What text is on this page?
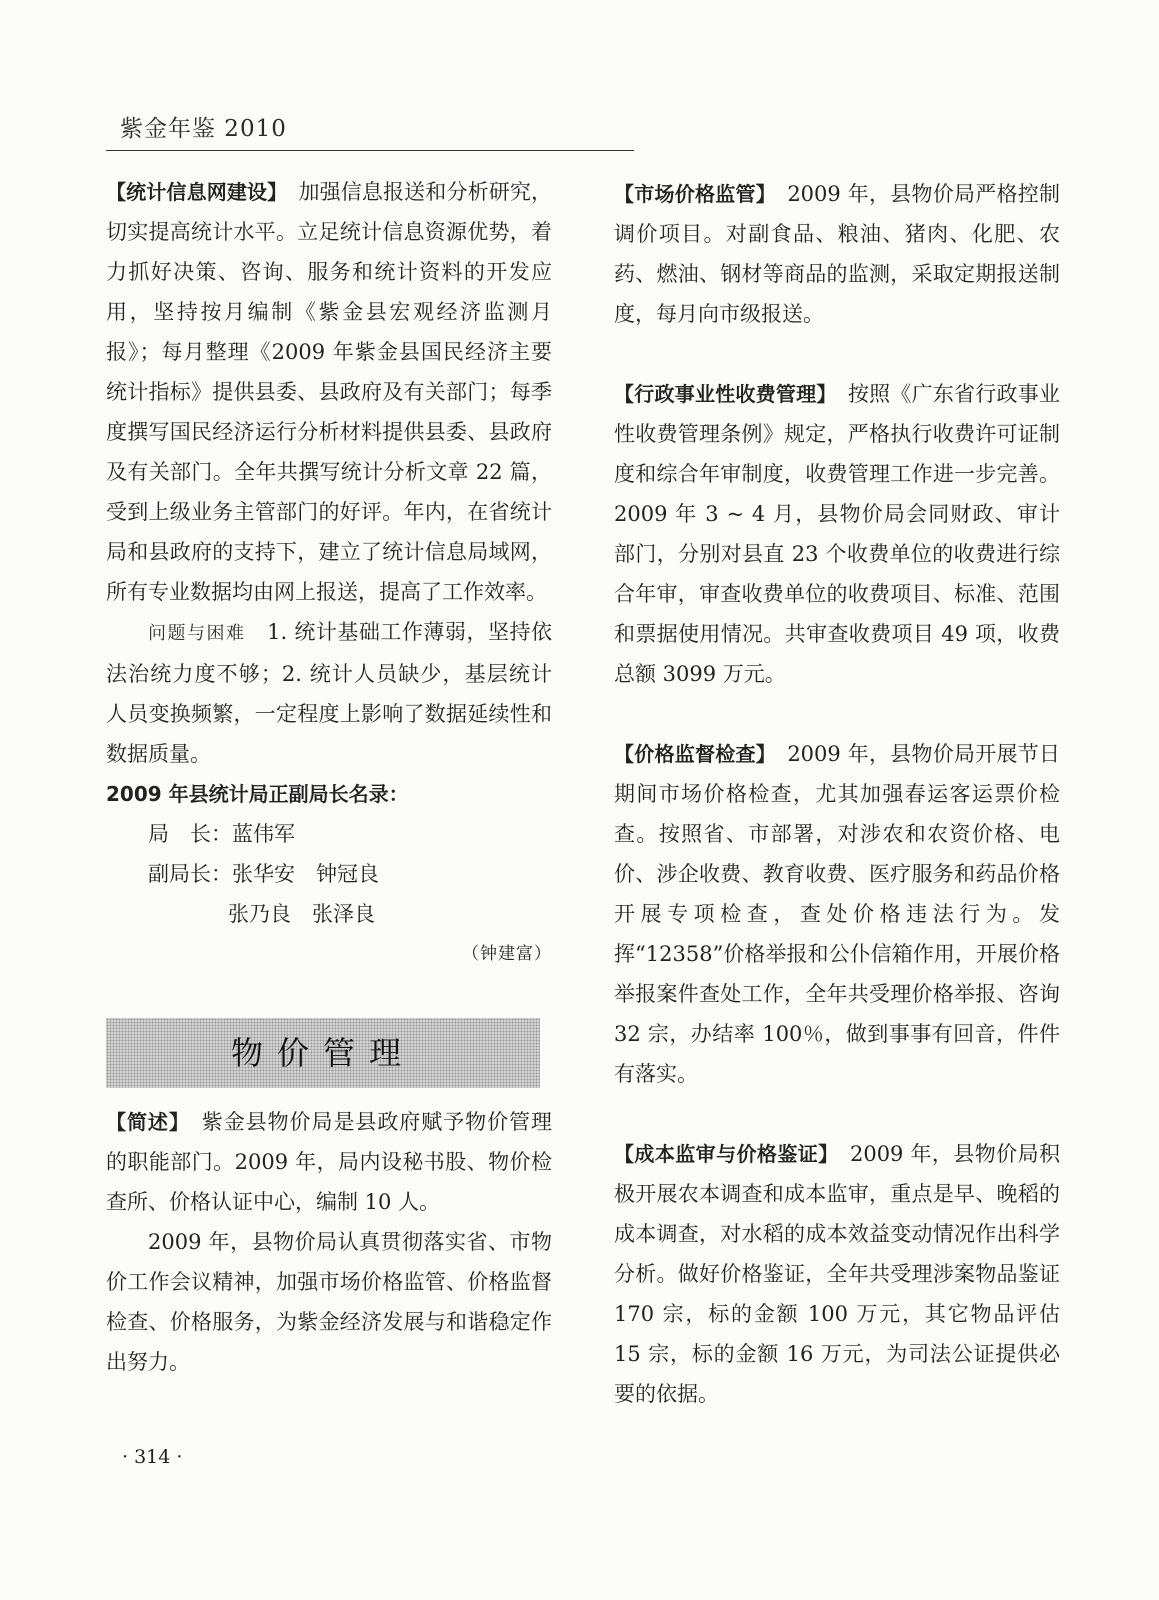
紫金年鉴 2010

【统计信息网建设】　加强信息报送和分析研究，切实提高统计水平。立足统计信息资源优势，着力抓好决策、咨询、服务和统计资料的开发应用，坚持按月编制《紫金县宏观经济监测月报》；每月整理《2009 年紫金县国民经济主要统计指标》提供县委、县政府及有关部门；每季度撰写国民经济运行分析材料提供县委、县政府及有关部门。全年共撰写统计分析文章 22 篇，受到上级业务主管部门的好评。年内，在省统计局和县政府的支持下，建立了统计信息局域网，所有专业数据均由网上报送，提高了工作效率。

问题与困难　1. 统计基础工作薄弱，坚持依法治统力度不够；2. 统计人员缺少，基层统计人员变换频繁，一定程度上影响了数据延续性和数据质量。

2009 年县统计局正副局长名录：

局　长：蓝伟军

副局长：张华安　钟冠良

张乃良　张泽良

（钟建富）

物价管理

【简述】　紫金县物价局是县政府赋予物价管理的职能部门。2009 年，局内设秘书股、物价检查所、价格认证中心，编制 10 人。

2009 年，县物价局认真贯彻落实省、市物价工作会议精神，加强市场价格监管、价格监督检查、价格服务，为紫金经济发展与和谐稳定作出努力。

【市场价格监管】　2009 年，县物价局严格控制调价项目。对副食品、粮油、猪肉、化肥、农药、燃油、钢材等商品的监测，采取定期报送制度，每月向市级报送。

【行政事业性收费管理】　按照《广东省行政事业性收费管理条例》规定，严格执行收费许可证制度和综合年审制度，收费管理工作进一步完善。2009 年 3 ~ 4 月，县物价局会同财政、审计部门，分别对县直 23 个收费单位的收费进行综合年审，审查收费单位的收费项目、标准、范围和票据使用情况。共审查收费项目 49 项，收费总额 3099 万元。

【价格监督检查】　2009 年，县物价局开展节日期间市场价格检查，尤其加强春运客运票价检查。按照省、市部署，对涉农和农资价格、电价、涉企收费、教育收费、医疗服务和药品价格开展专项检查，查处价格违法行为。发挥“12358”价格举报和公仆信箱作用，开展价格举报案件查处工作，全年共受理价格举报、咨询 32 宗，办结率 100％，做到事事有回音，件件有落实。

【成本监审与价格鉴证】　2009 年，县物价局积极开展农本调查和成本监审，重点是早、晚稻的成本调查，对水稻的成本效益变动情况作出科学分析。做好价格鉴证，全年共受理涉案物品鉴证 170 宗，标的金额 100 万元，其它物品评估 15 宗，标的金额 16 万元，为司法公证提供必要的依据。

· 314 ·
